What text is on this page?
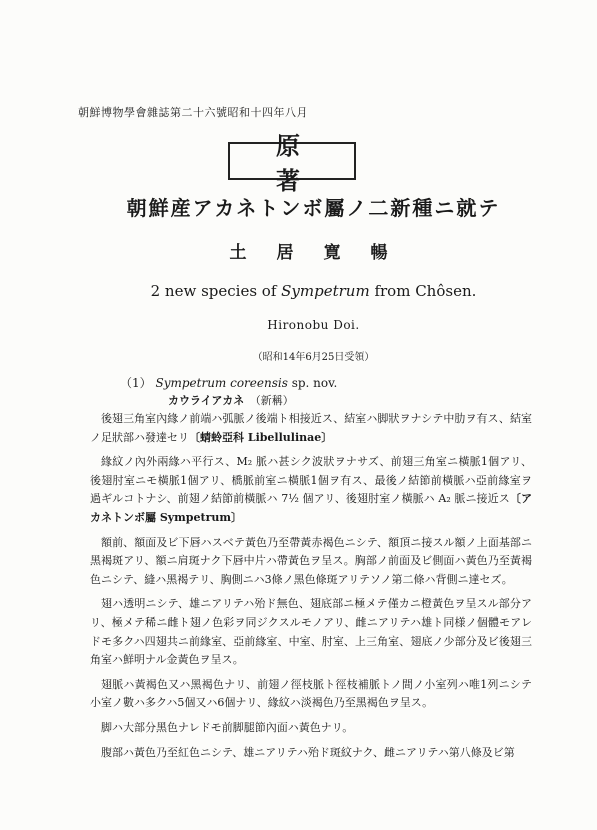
朝鮮博物學會雜誌第二十六號昭和十四年八月
原著
朝鮮産アカネトンボ屬ノ二新種ニ就テ
土居寛暢
2 new species of Sympetrum from Chôsen.
Hironobu Doi.
（昭和14年6月25日受領）
（1） Sympetrum coreensis sp. nov.
カウライアカネ　 （新稱）

後翅三角室內緣ノ前端ハ弧脈ノ後端ト相接近ス、結室ハ脚狀ヲナシテ中肋ヲ有ス、結室ノ足狀部ハ發達セリ〔蜻蛉亞科 Libellulinae〕

緣紋ノ內外兩緣ハ平行ス、M₂ 脈ハ甚シク波狀ヲナサズ、前翅三角室ニ橫脈1個アリ、後翅肘室ニモ橫脈1個アリ、橋脈前室ニ橫脈1個ヲ有ス、最後ノ結節前橫脈ハ亞前緣室ヲ過ギルコトナシ、前翅ノ結節前橫脈ハ 7½ 個アリ、後翅肘室ノ橫脈ハ A₂ 脈ニ接近ス〔アカネトンボ屬 Sympetrum〕

額前、額面及ビ下唇ハスベテ黃色乃至帶黃赤褐色ニシテ、額頂ニ接スル額ノ上面基部ニ黑褐斑アリ、額ニ肩斑ナク下唇中片ハ帶黃色ヲ呈ス。胸部ノ前面及ビ側面ハ黃色乃至黃褐色ニシテ、縫ハ黑褐テリ、胸側ニハ3條ノ黑色條斑アリテソノ第二條ハ背側ニ達セズ。

翅ハ透明ニシテ、雄ニアリテハ殆ド無色、翅底部ニ極メテ僅カニ橙黃色ヲ呈スル部分アリ、極メテ稀ニ雌ト翅ノ色彩ヲ同ジクスルモノアリ、雌ニアリテハ雄ト同様ノ個體モアレドモ多クハ四翅共ニ前緣室、亞前緣室、中室、肘室、上三角室、翅底ノ少部分及ビ後翅三角室ハ鮮明ナル金黃色ヲ呈ス。

翅脈ハ黃褐色又ハ黑褐色ナリ、前翅ノ徑枝脈ト徑枝補脈トノ間ノ小室列ハ唯1列ニシテ小室ノ數ハ多クハ5個又ハ6個ナリ、緣紋ハ淡褐色乃至黑褐色ヲ呈ス。

脚ハ大部分黑色ナレドモ前脚腿節內面ハ黃色ナリ。

腹部ハ黃色乃至紅色ニシテ、雄ニアリテハ殆ド斑紋ナク、雌ニアリテハ第八條及ビ第
